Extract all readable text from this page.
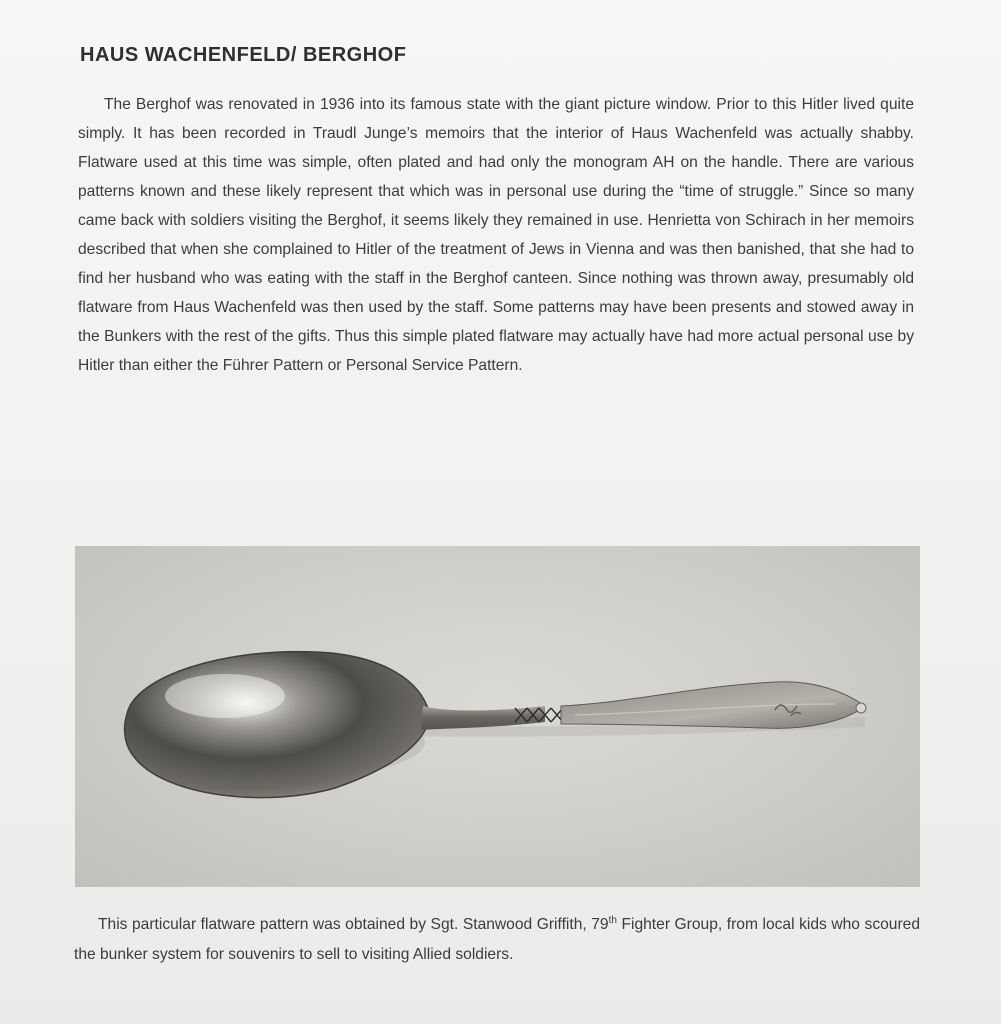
HAUS WACHENFELD/ BERGHOF

The Berghof was renovated in 1936 into its famous state with the giant picture window. Prior to this Hitler lived quite simply. It has been recorded in Traudl Junge’s memoirs that the interior of Haus Wachenfeld was actually shabby. Flatware used at this time was simple, often plated and had only the monogram AH on the handle. There are various patterns known and these likely represent that which was in personal use during the “time of struggle.” Since so many came back with soldiers visiting the Berghof, it seems likely they remained in use. Henrietta von Schirach in her memoirs described that when she complained to Hitler of the treatment of Jews in Vienna and was then banished, that she had to find her husband who was eating with the staff in the Berghof canteen. Since nothing was thrown away, presumably old flatware from Haus Wachenfeld was then used by the staff. Some patterns may have been presents and stowed away in the Bunkers with the rest of the gifts. Thus this simple plated flatware may actually have had more actual personal use by Hitler than either the Führer Pattern or Personal Service Pattern.

This particular flatware pattern was obtained by Sgt. Stanwood Griffith, 79th Fighter Group, from local kids who scoured the bunker system for souvenirs to sell to visiting Allied soldiers.
